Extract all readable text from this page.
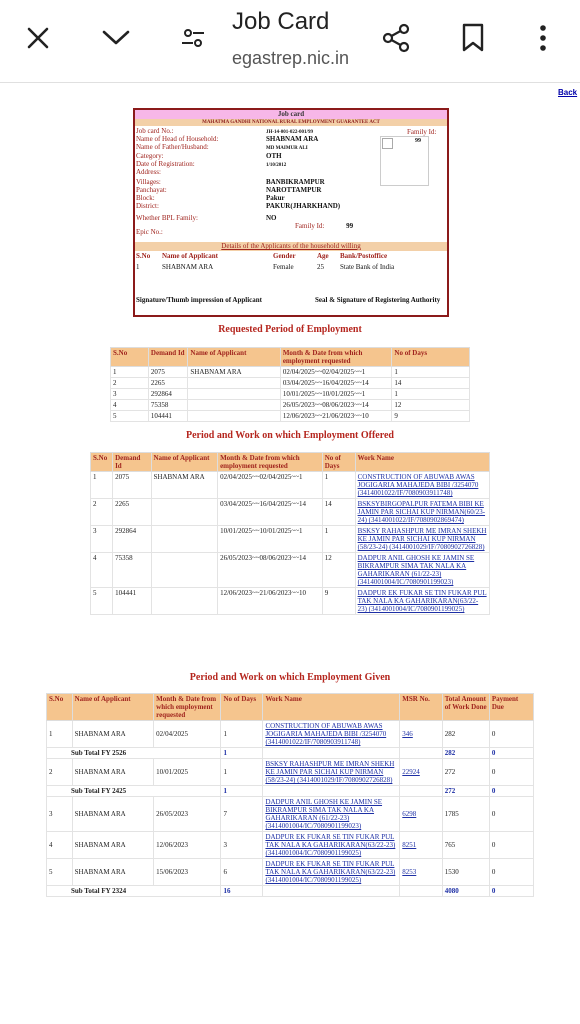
Job Card
egastrep.nic.in
Back
Job card
MAHATMA GANDHI NATIONAL RURAL EMPLOYMENT GUARANTEE ACT
Job card No.:	JH-14-001-022-001/99
Name of Head of Household:	SHABNAM ARA
Name of Father/Husband:	MD MAIMUR ALI
Category:	OTH
Date of Registration:	1/10/2012
Address:
Villages:	BANBIKRAMPUR
Panchayat:	NAROTTAMPUR
Block:	Pakur
District:	PAKUR(JHARKHAND)
Whether BPL Family:	NO
Epic No.:
Family Id: 99
Family Id:	99
Details of the Applicants of the household willing
S.No Name of Applicant	Gender	Age Bank/Postoffice
1	SHABNAM ARA	Female	25 State Bank of India
Signature/Thumb impression of Applicant	Seal & Signature of Registering Authority
Requested Period of Employment
S.No	Demand Id	Name of Applicant	Month & Date from which employment requested	No of Days
1	2075	SHABNAM ARA	02/04/2025~~02/04/2025~~1	1
2	2265		03/04/2025~~16/04/2025~~14	14
3	292864		10/01/2025~~10/01/2025~~1	1
4	75358		26/05/2023~~08/06/2023~~14	12
5	104441		12/06/2023~~21/06/2023~~10	9
Period and Work on which Employment Offered
S.No	Demand Id	Name of Applicant	Month & Date from which employment requested	No of Days	Work Name
1	2075	SHABNAM ARA	02/04/2025~~02/04/2025~~1	1	CONSTRUCTION OF ABUWAB AWAS JOGIGARIA MAHAJEDA BIBI /3254070 (3414001022/IF/7080903911748)
2	2265		03/04/2025~~16/04/2025~~14	14	BSKSYBIRGOPALPUR FATEMA BIBI KE JAMIN PAR SICHAI KUP NIRMAN(60/23-24) (3414001022/IF/7080902869474)
3	292864		10/01/2025~~10/01/2025~~1	1	BSKSY RAHASHPUR ME IMRAN SHEKH KE JAMIN PAR SICHAI KUP NIRMAN (58/23-24) (3414001029/IF/7080902726828)
4	75358		26/05/2023~~08/06/2023~~14	12	DADPUR ANIL GHOSH KE JAMIN SE BIKRAMPUR SIMA TAK NALA KA GAHARIKARAN (61/22-23) (3414001004/IC/7080901199023)
5	104441		12/06/2023~~21/06/2023~~10	9	DADPUR EK FUKAR SE TIN FUKAR PUL TAK NALA KA GAHARIKARAN(63/22-23) (3414001004/IC/7080901199025)
Period and Work on which Employment Given
S.No	Name of Applicant	Month & Date from which employment requested	No of Days	Work Name	MSR No.	Total Amount of Work Done	Payment Due
1	SHABNAM ARA	02/04/2025	1	CONSTRUCTION OF ABUWAB AWAS JOGIGARIA MAHAJEDA BIBI /3254070 (3414001022/IF/7080903911748)	346	282	0
Sub Total FY 2526			1			282	0
2	SHABNAM ARA	10/01/2025	1	BSKSY RAHASHPUR ME IMRAN SHEKH KE JAMIN PAR SICHAI KUP NIRMAN (58/23-24) (3414001029/IF/7080902726828)	22924	272	0
Sub Total FY 2425			1			272	0
3	SHABNAM ARA	26/05/2023	7	DADPUR ANIL GHOSH KE JAMIN SE BIKRAMPUR SIMA TAK NALA KA GAHARIKARAN (61/22-23) (3414001004/IC/7080901199023)	6298	1785	0
4	SHABNAM ARA	12/06/2023	3	DADPUR EK FUKAR SE TIN FUKAR PUL TAK NALA KA GAHARIKARAN(63/22-23) (3414001004/IC/7080901199025)	8251	765	0
5	SHABNAM ARA	15/06/2023	6	DADPUR EK FUKAR SE TIN FUKAR PUL TAK NALA KA GAHARIKARAN(63/22-23) (3414001004/IC/7080901199025)	8253	1530	0
Sub Total FY 2324			16			4080	0
